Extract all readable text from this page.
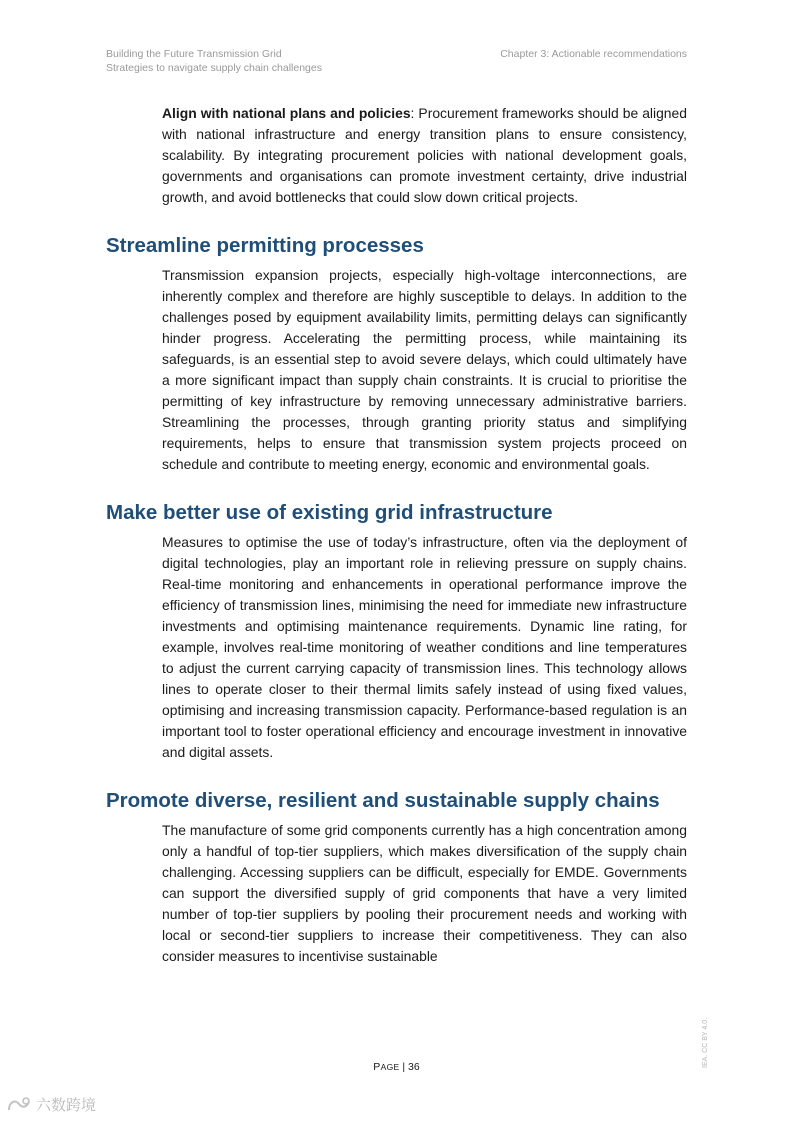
Building the Future Transmission Grid
Strategies to navigate supply chain challenges
Chapter 3: Actionable recommendations

Align with national plans and policies: Procurement frameworks should be aligned with national infrastructure and energy transition plans to ensure consistency, scalability. By integrating procurement policies with national development goals, governments and organisations can promote investment certainty, drive industrial growth, and avoid bottlenecks that could slow down critical projects.

Streamline permitting processes

Transmission expansion projects, especially high-voltage interconnections, are inherently complex and therefore are highly susceptible to delays. In addition to the challenges posed by equipment availability limits, permitting delays can significantly hinder progress. Accelerating the permitting process, while maintaining its safeguards, is an essential step to avoid severe delays, which could ultimately have a more significant impact than supply chain constraints. It is crucial to prioritise the permitting of key infrastructure by removing unnecessary administrative barriers. Streamlining the processes, through granting priority status and simplifying requirements, helps to ensure that transmission system projects proceed on schedule and contribute to meeting energy, economic and environmental goals.

Make better use of existing grid infrastructure

Measures to optimise the use of today’s infrastructure, often via the deployment of digital technologies, play an important role in relieving pressure on supply chains. Real-time monitoring and enhancements in operational performance improve the efficiency of transmission lines, minimising the need for immediate new infrastructure investments and optimising maintenance requirements. Dynamic line rating, for example, involves real-time monitoring of weather conditions and line temperatures to adjust the current carrying capacity of transmission lines. This technology allows lines to operate closer to their thermal limits safely instead of using fixed values, optimising and increasing transmission capacity. Performance-based regulation is an important tool to foster operational efficiency and encourage investment in innovative and digital assets.

Promote diverse, resilient and sustainable supply chains

The manufacture of some grid components currently has a high concentration among only a handful of top-tier suppliers, which makes diversification of the supply chain challenging. Accessing suppliers can be difficult, especially for EMDE. Governments can support the diversified supply of grid components that have a very limited number of top-tier suppliers by pooling their procurement needs and working with local or second-tier suppliers to increase their competitiveness. They can also consider measures to incentivise sustainable

PAGE | 36	IEA. CC BY 4.0.
六数跨境
